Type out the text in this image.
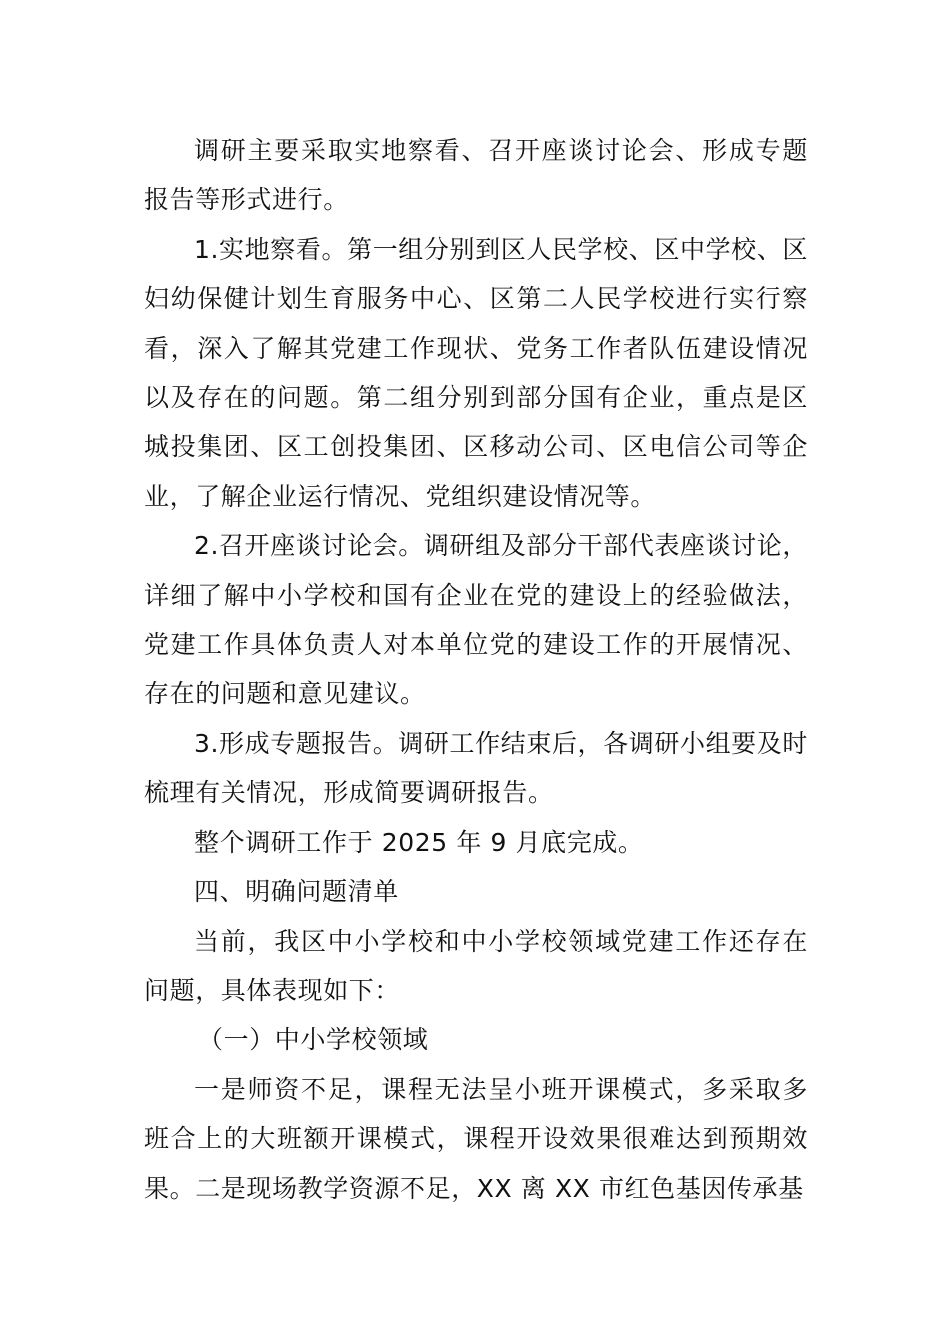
调研主要采取实地察看、召开座谈讨论会、形成专题报告等形式进行。

1.实地察看。第一组分别到区人民学校、区中学校、区妇幼保健计划生育服务中心、区第二人民学校进行实行察看，深入了解其党建工作现状、党务工作者队伍建设情况以及存在的问题。第二组分别到部分国有企业，重点是区城投集团、区工创投集团、区移动公司、区电信公司等企业，了解企业运行情况、党组织建设情况等。

2.召开座谈讨论会。调研组及部分干部代表座谈讨论，详细了解中小学校和国有企业在党的建设上的经验做法，党建工作具体负责人对本单位党的建设工作的开展情况、存在的问题和意见建议。

3.形成专题报告。调研工作结束后，各调研小组要及时梳理有关情况，形成简要调研报告。

整个调研工作于 2025 年 9 月底完成。

四、明确问题清单

当前，我区中小学校和中小学校领域党建工作还存在问题，具体表现如下：

（一）中小学校领域

一是师资不足，课程无法呈小班开课模式，多采取多班合上的大班额开课模式，课程开设效果很难达到预期效果。二是现场教学资源不足，XX 离 XX 市红色基因传承基
